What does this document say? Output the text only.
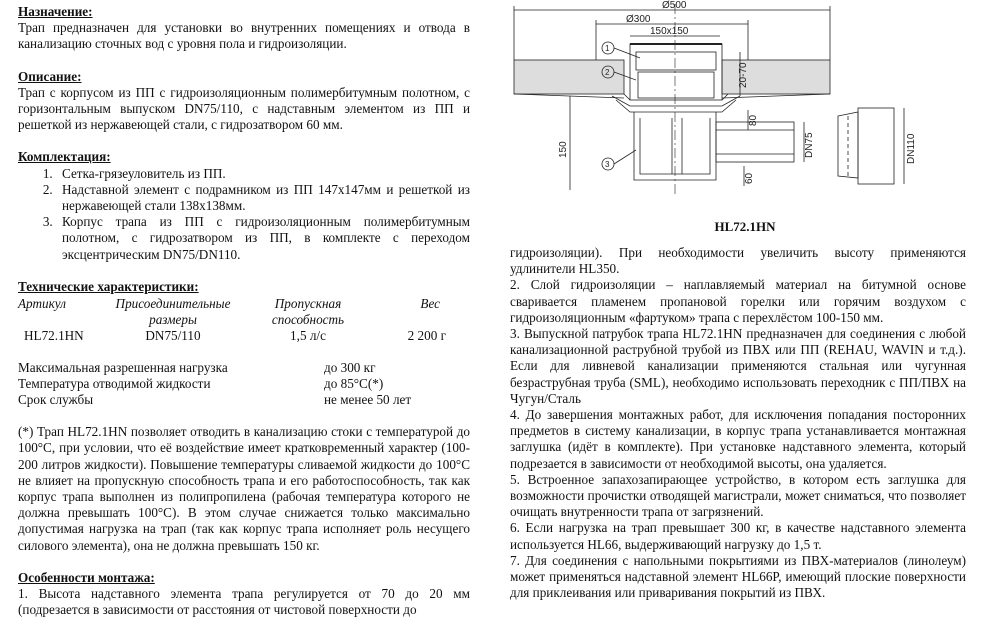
Назначение:

Трап предназначен для установки во внутренних помещениях и отвода в канализацию сточных вод с уровня пола и гидроизоляции.

Описание:

Трап с корпусом из ПП с гидроизоляционным полимербитумным полотном, с горизонтальным выпуском DN75/110, с надставным элементом из ПП и решеткой из нержавеющей стали, с гидрозатвором 60 мм.

Комплектация:

1. Сетка-грязеуловитель из ПП.
2. Надставной элемент с подрамником из ПП 147х147мм и решеткой из нержавеющей стали 138х138мм.
3. Корпус трапа из ПП с гидроизоляционным полимербитумным полотном, с гидрозатвором из ПП, в комплекте с переходом эксцентрическим DN75/DN110.

Технические характеристики:

Артикул	Присоединительные размеры	Пропускная способность	Вес
HL72.1HN	DN75/110	1,5 л/с	2 200 г
Максимальная разрешенная нагрузка	до 300 кг
Температура отводимой жидкости	до 85°С(*)
Срок службы	не менее 50 лет

(*) Трап HL72.1HN позволяет отводить в канализацию стоки с температурой до 100°С, при условии, что её воздействие имеет кратковременный характер (100-200 литров жидкости). Повышение температуры сливаемой жидкости до 100°С не влияет на пропускную способность трапа и его работоспособность, так как корпус трапа выполнен из полипропилена (рабочая температура которого не должна превышать 100°С). В этом случае снижается только максимально допустимая нагрузка на трап (так как корпус трапа исполняет роль несущего силового элемента), она не должна превышать 150 кг.

Особенности монтажа:

1. Высота надставного элемента трапа регулируется от 70 до 20 мм (подрезается в зависимости от расстояния от чистовой поверхности до

Ø500
Ø300
150x150
1
2
3
20-70
150
80
DN75
60
DN110
HL72.1HN

гидроизоляции). При необходимости увеличить высоту применяются удлинители HL350.

2. Слой гидроизоляции – наплавляемый материал на битумной основе сваривается пламенем пропановой горелки или горячим воздухом с гидроизоляционным «фартуком» трапа с перехлёстом 100-150 мм.

3. Выпускной патрубок трапа HL72.1HN предназначен для соединения с любой канализационной раструбной трубой из ПВХ или ПП (REHAU, WAVIN и т.д.). Если для ливневой канализации применяются стальная или чугунная безраструбная труба (SML), необходимо использовать переходник с ПП/ПВХ на Чугун/Сталь

4. До завершения монтажных работ, для исключения попадания посторонних предметов в систему канализации, в корпус трапа устанавливается монтажная заглушка (идёт в комплекте). При установке надставного элемента, который подрезается в зависимости от необходимой высоты, она удаляется.

5. Встроенное запахозапирающее устройство, в котором есть заглушка для возможности прочистки отводящей магистрали, может сниматься, что позволяет очищать внутренности трапа от загрязнений.

6. Если нагрузка на трап превышает 300 кг, в качестве надставного элемента используется HL66, выдерживающий нагрузку до 1,5 т.

7. Для соединения с напольными покрытиями из ПВХ-материалов (линолеум) может применяться надставной элемент HL66P, имеющий плоские поверхности для приклеивания или приваривания покрытий из ПВХ.
